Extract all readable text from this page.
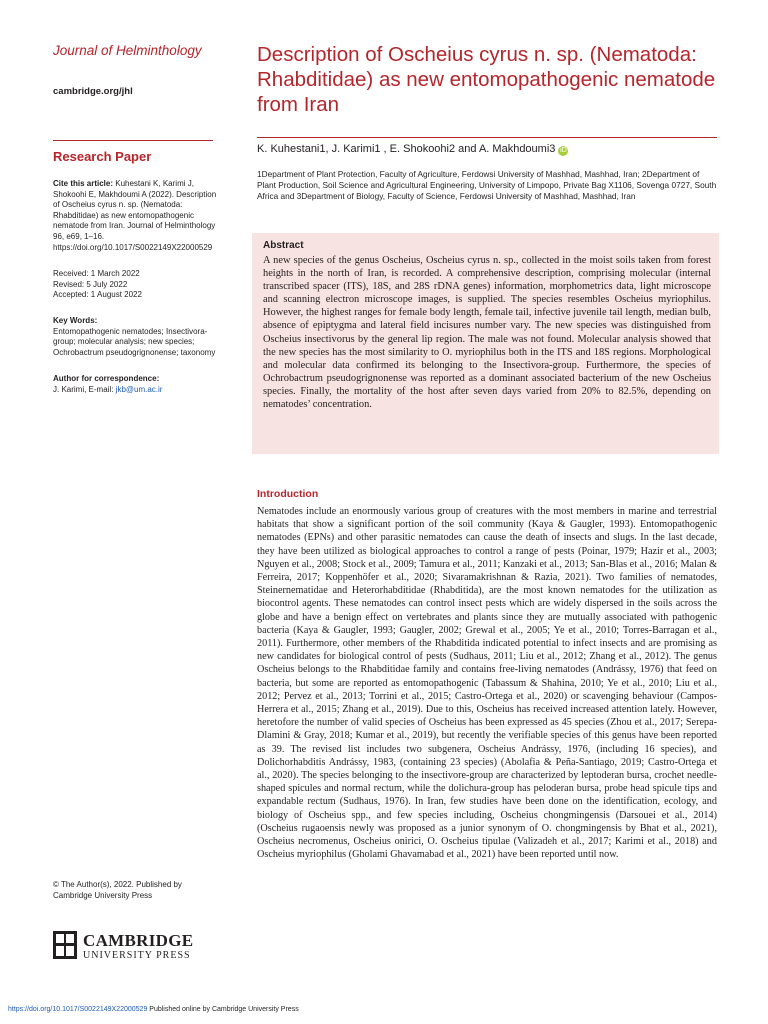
Journal of Helminthology
cambridge.org/jhl
Research Paper
Cite this article: Kuhestani K, Karimi J, Shokoohi E, Makhdoumi A (2022). Description of Oscheius cyrus n. sp. (Nematoda: Rhabditidae) as new entomopathogenic nematode from Iran. Journal of Helminthology 96, e69, 1–16. https://doi.org/10.1017/S0022149X22000529
Received: 1 March 2022
Revised: 5 July 2022
Accepted: 1 August 2022
Key Words:
Entomopathogenic nematodes; Insectivora-group; molecular analysis; new species; Ochrobactrum pseudogrignonense; taxonomy
Author for correspondence:
J. Karimi, E-mail: jkb@um.ac.ir
© The Author(s), 2022. Published by Cambridge University Press
CAMBRIDGE
UNIVERSITY PRESS
Description of Oscheius cyrus n. sp. (Nematoda: Rhabditidae) as new entomopathogenic nematode from Iran
K. Kuhestani1, J. Karimi1 , E. Shokoohi2 and A. Makhdoumi3 iD
1Department of Plant Protection, Faculty of Agriculture, Ferdowsi University of Mashhad, Mashhad, Iran; 2Department of Plant Production, Soil Science and Agricultural Engineering, University of Limpopo, Private Bag X1106, Sovenga 0727, South Africa and 3Department of Biology, Faculty of Science, Ferdowsi University of Mashhad, Mashhad, Iran
Abstract
A new species of the genus Oscheius, Oscheius cyrus n. sp., collected in the moist soils taken from forest heights in the north of Iran, is recorded. A comprehensive description, comprising molecular (internal transcribed spacer (ITS), 18S, and 28S rDNA genes) information, morphometrics data, light microscope and scanning electron microscope images, is supplied. The species resembles Oscheius myriophilus. However, the highest ranges for female body length, female tail, infective juvenile tail length, median bulb, absence of epiptygma and lateral field incisures number vary. The new species was distinguished from Oscheius insectivorus by the general lip region. The male was not found. Molecular analysis showed that the new species has the most similarity to O. myriophilus both in the ITS and 18S regions. Morphological and molecular data confirmed its belonging to the Insectivora-group. Furthermore, the species of Ochrobactrum pseudogrignonense was reported as a dominant associated bacterium of the new Oscheius species. Finally, the mortality of the host after seven days varied from 20% to 82.5%, depending on nematodes’ concentration.
Introduction
Nematodes include an enormously various group of creatures with the most members in marine and terrestrial habitats that show a significant portion of the soil community (Kaya & Gaugler, 1993). Entomopathogenic nematodes (EPNs) and other parasitic nematodes can cause the death of insects and slugs. In the last decade, they have been utilized as biological approaches to control a range of pests (Poinar, 1979; Hazir et al., 2003; Nguyen et al., 2008; Stock et al., 2009; Tamura et al., 2011; Kanzaki et al., 2013; San-Blas et al., 2016; Malan & Ferreira, 2017; Koppenhöfer et al., 2020; Sivaramakrishnan & Razia, 2021). Two families of nematodes, Steinernematidae and Heterorhabditidae (Rhabditida), are the most known nematodes for the utilization as biocontrol agents. These nematodes can control insect pests which are widely dispersed in the soils across the globe and have a benign effect on vertebrates and plants since they are mutually associated with pathogenic bacteria (Kaya & Gaugler, 1993; Gaugler, 2002; Grewal et al., 2005; Ye et al., 2010; Torres-Barragan et al., 2011). Furthermore, other members of the Rhabditida indicated potential to infect insects and are promising as new candidates for biological control of pests (Sudhaus, 2011; Liu et al., 2012; Zhang et al., 2012). The genus Oscheius belongs to the Rhabditidae family and contains free-living nematodes (Andrássy, 1976) that feed on bacteria, but some are reported as entomopathogenic (Tabassum & Shahina, 2010; Ye et al., 2010; Liu et al., 2012; Pervez et al., 2013; Torrini et al., 2015; Castro-Ortega et al., 2020) or scavenging behaviour (Campos-Herrera et al., 2015; Zhang et al., 2019). Due to this, Oscheius has received increased attention lately. However, heretofore the number of valid species of Oscheius has been expressed as 45 species (Zhou et al., 2017; Serepa-Dlamini & Gray, 2018; Kumar et al., 2019), but recently the verifiable species of this genus have been reported as 39. The revised list includes two subgenera, Oscheius Andrássy, 1976, (including 16 species), and Dolichorhabditis Andrássy, 1983, (containing 23 species) (Abolafia & Peña-Santiago, 2019; Castro-Ortega et al., 2020). The species belonging to the insectivore-group are characterized by leptoderan bursa, crochet needle-shaped spicules and normal rectum, while the dolichura-group has peloderan bursa, probe head spicule tips and expandable rectum (Sudhaus, 1976). In Iran, few studies have been done on the identification, ecology, and biology of Oscheius spp., and few species including, Oscheius chongmingensis (Darsouei et al., 2014) (Oscheius rugaoensis newly was proposed as a junior synonym of O. chongmingensis by Bhat et al., 2021), Oscheius necromenus, Oscheius onirici, O. Oscheius tipulae (Valizadeh et al., 2017; Karimi et al., 2018) and Oscheius myriophilus (Gholami Ghavamabad et al., 2021) have been reported until now.
https://doi.org/10.1017/S0022149X22000529 Published online by Cambridge University Press
